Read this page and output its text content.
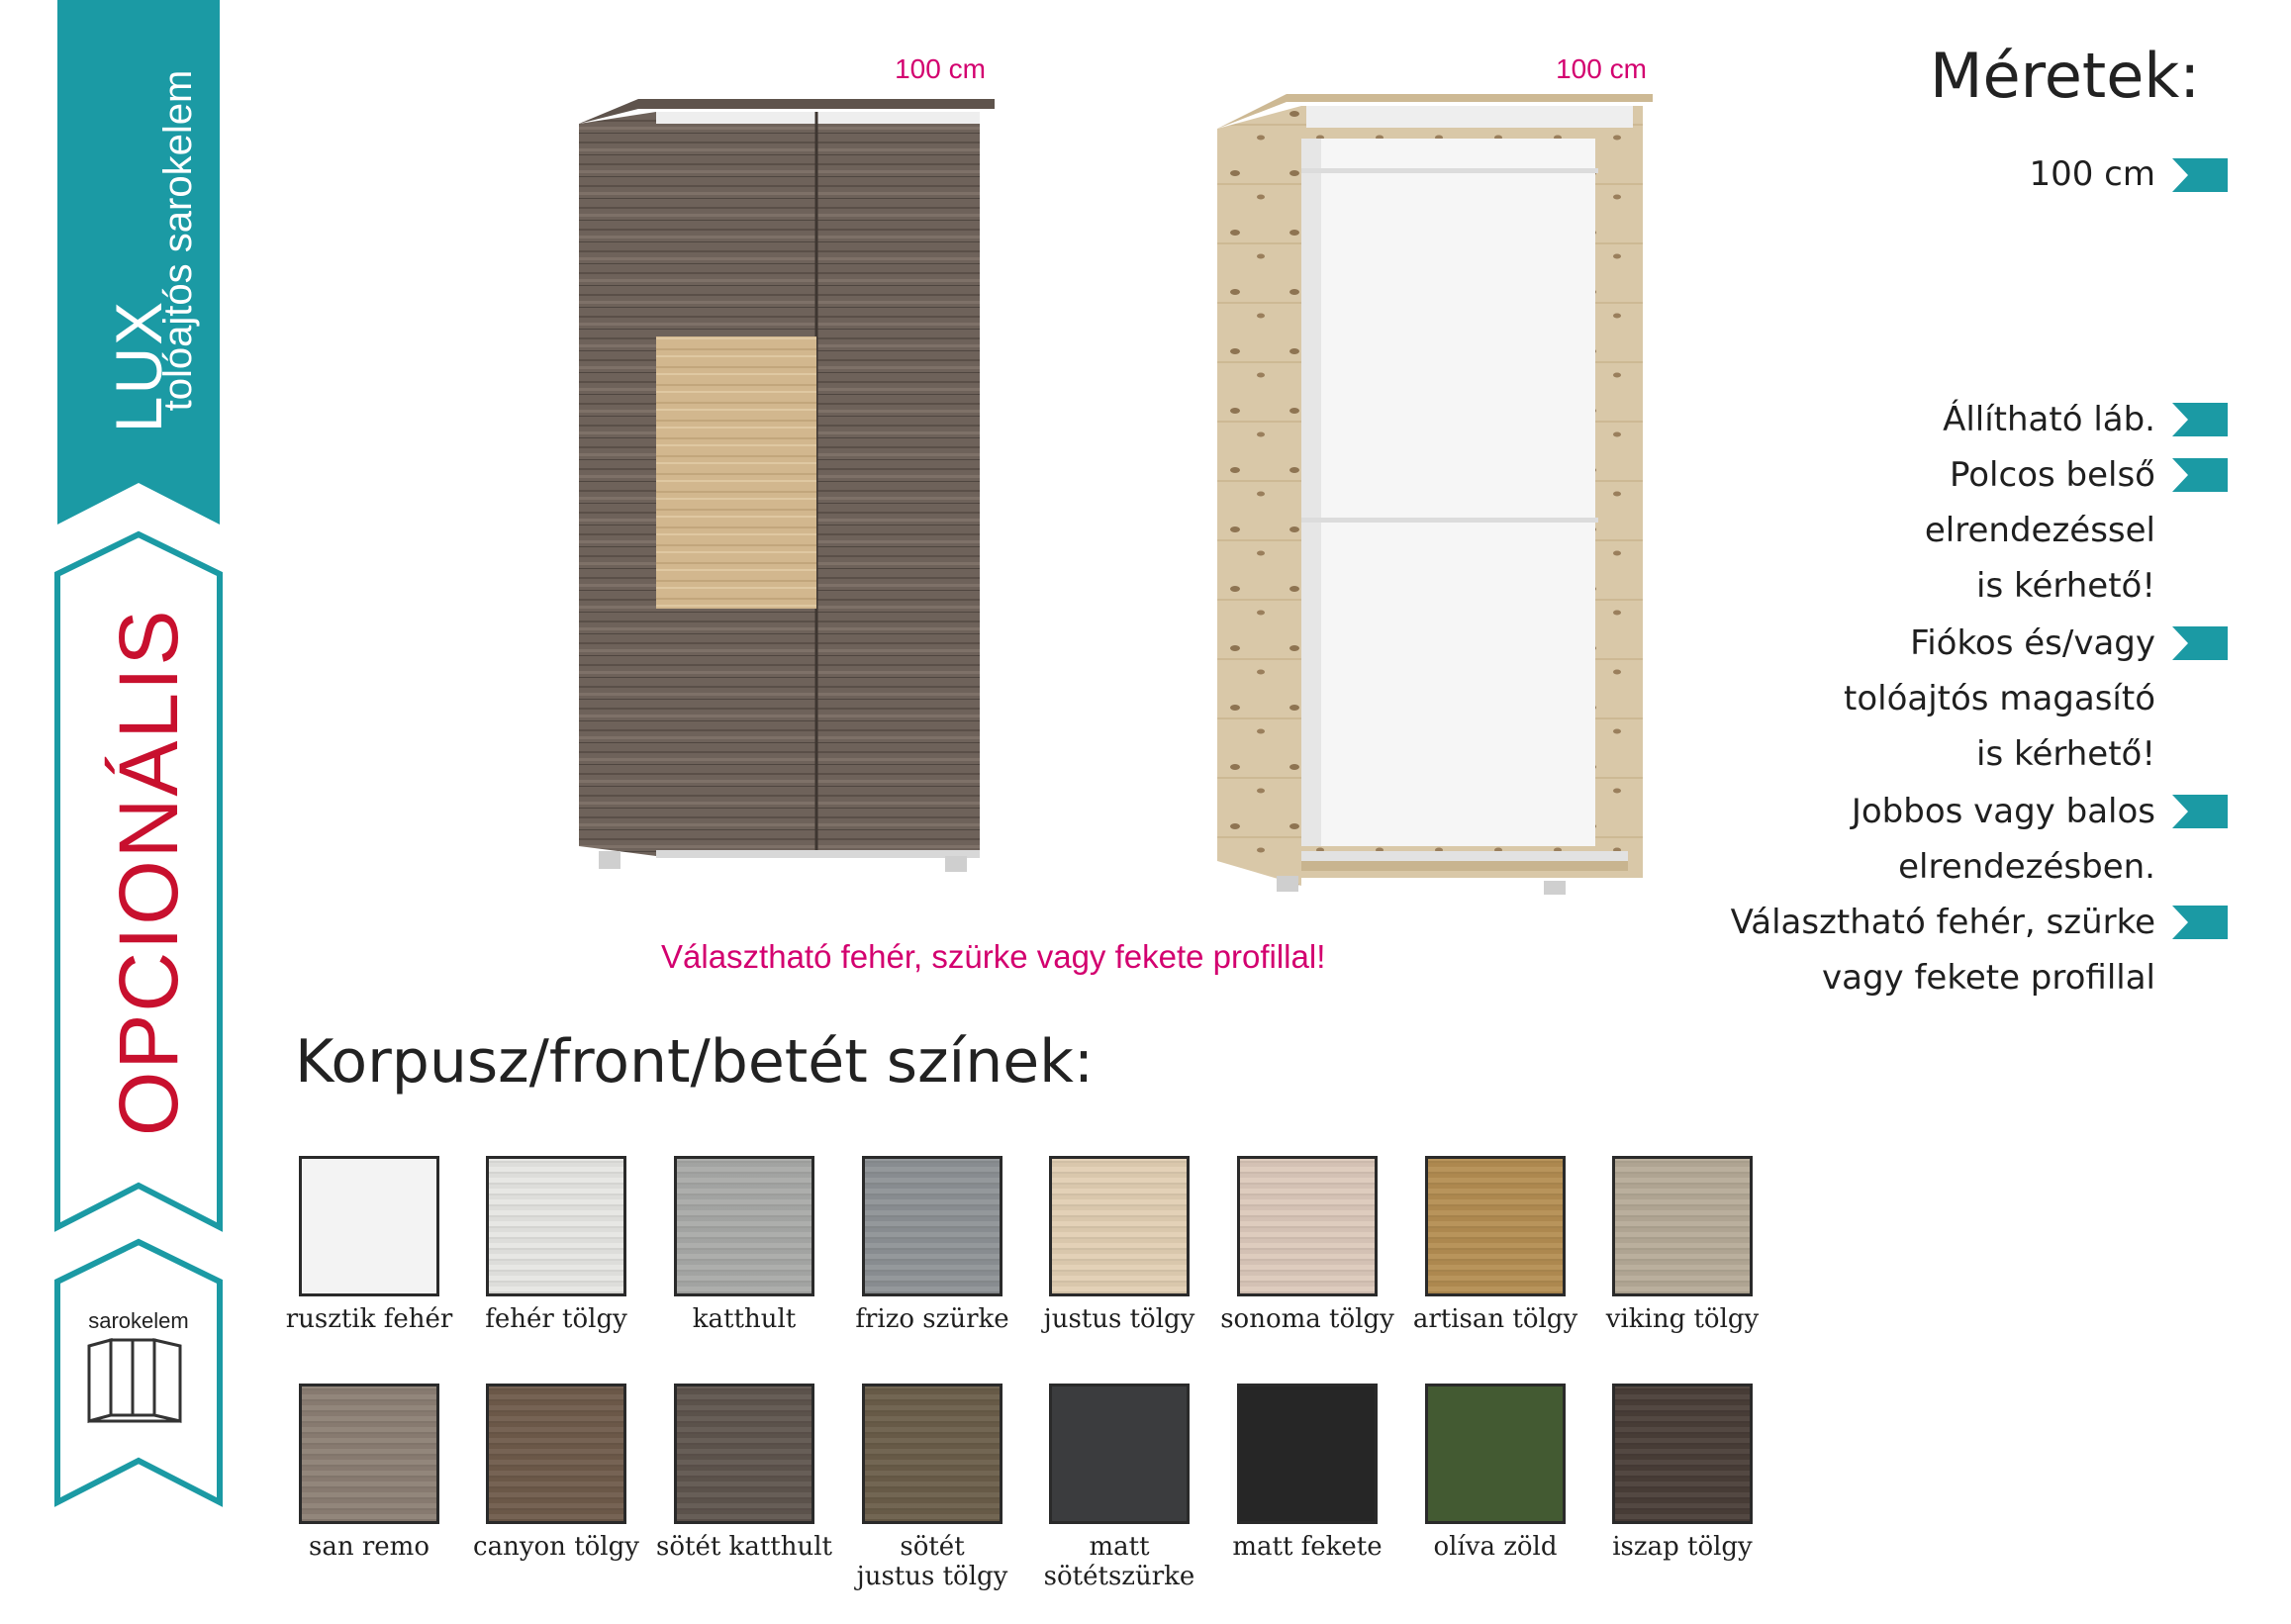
LUX
tolóajtós sarokelem
OPCIONÁLIS
sarokelem
100 cm	100 cm
Választható fehér, szürke vagy fekete profillal!
Méretek:
100 cm
Állítható láb.
Polcos belső
elrendezéssel
is kérhető!
Fiókos és/vagy
tolóajtós magasító
is kérhető!
Jobbos vagy balos
elrendezésben.
Választható fehér, szürke
vagy fekete profillal
Korpusz/front/betét színek:
rusztik fehér	fehér tölgy	katthult	frizo szürke	justus tölgy sonoma tölgy artisan tölgy	viking tölgy
san remo	canyon tölgy sötét katthult	sötét
justus tölgy
matt
sötétszürke
matt fekete	olíva zöld	iszap tölgy
